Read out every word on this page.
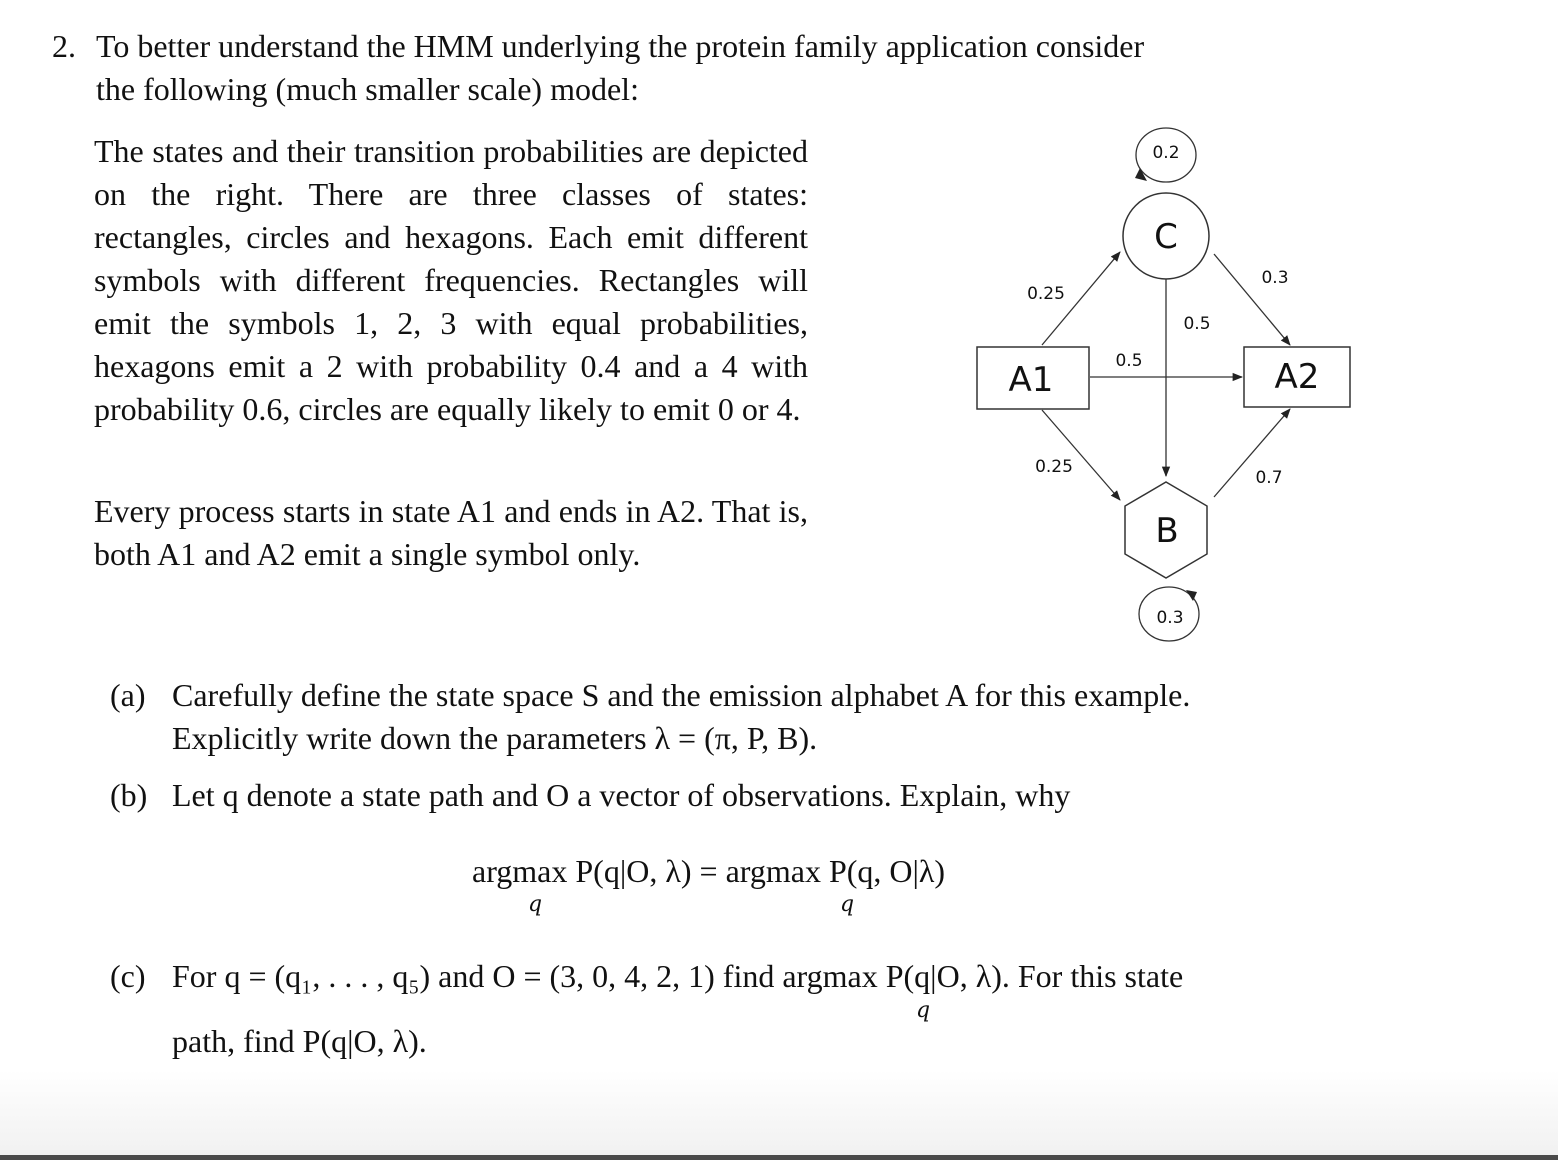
2. To better understand the HMM underlying the protein family application consider
the following (much smaller scale) model:
The states and their transition probabilities are depicted on the right. There are three classes of states: rectangles, circles and hexagons. Each emit different symbols with different frequencies. Rectangles will emit the symbols 1, 2, 3 with equal probabilities, hexagons emit a 2 with probability 0.4 and a 4 with probability 0.6, circles are equally likely to emit 0 or 4.
Every process starts in state A1 and ends in A2. That is, both A1 and A2 emit a single symbol only.
A1	A2
C
B
0.2
0.3
0.25
0.25
0.5
0.5
0.3
0.7
(a) Carefully define the state space S and the emission alphabet A for this example.
Explicitly write down the parameters λ = (π, P, B).
(b) Let q denote a state path and O a vector of observations. Explain, why
argmax P(q|O, λ) = argmax P(q, O|λ)
q	q
(c) For q = (q₁, . . . , q₅) and O = (3, 0, 4, 2, 1) find argmax P(q|O, λ). For this state
q
path, find P(q|O, λ).
